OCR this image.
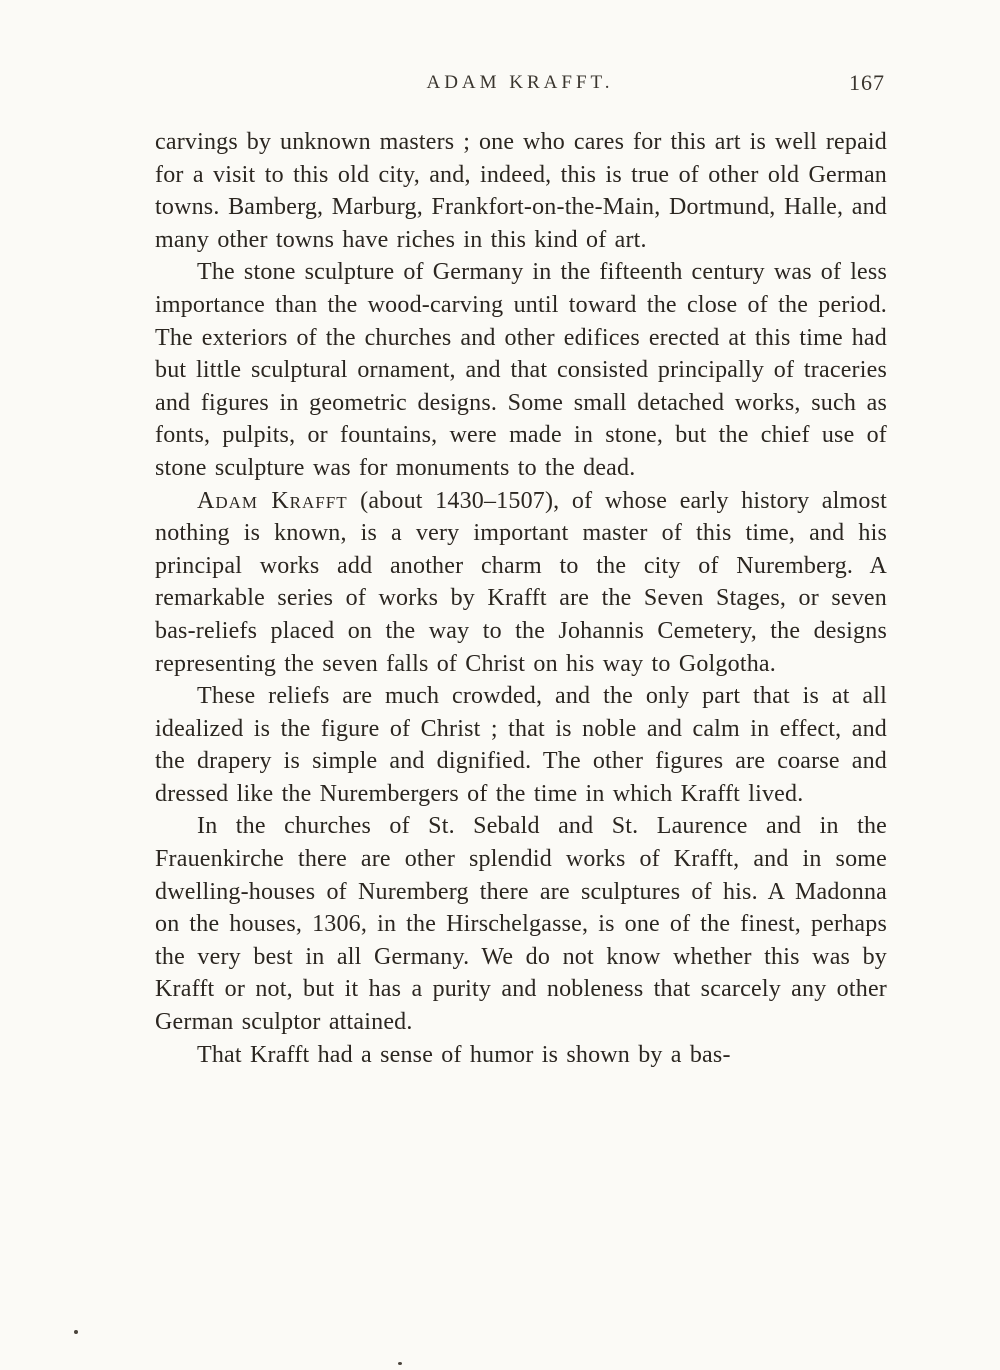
ADAM KRAFFT.	167

carvings by unknown masters ; one who cares for this art is well repaid for a visit to this old city, and, indeed, this is true of other old German towns. Bamberg, Marburg, Frankfort-on-the-Main, Dortmund, Halle, and many other towns have riches in this kind of art.

The stone sculpture of Germany in the fifteenth century was of less importance than the wood-carving until toward the close of the period. The exteriors of the churches and other edifices erected at this time had but little sculptural ornament, and that consisted principally of traceries and figures in geometric designs. Some small detached works, such as fonts, pulpits, or fountains, were made in stone, but the chief use of stone sculpture was for monuments to the dead.

Adam Krafft (about 1430–1507), of whose early history almost nothing is known, is a very important master of this time, and his principal works add another charm to the city of Nuremberg. A remarkable series of works by Krafft are the Seven Stages, or seven bas-reliefs placed on the way to the Johannis Cemetery, the designs representing the seven falls of Christ on his way to Golgotha.

These reliefs are much crowded, and the only part that is at all idealized is the figure of Christ ; that is noble and calm in effect, and the drapery is simple and dignified. The other figures are coarse and dressed like the Nurembergers of the time in which Krafft lived.

In the churches of St. Sebald and St. Laurence and in the Frauenkirche there are other splendid works of Krafft, and in some dwelling-houses of Nuremberg there are sculptures of his. A Madonna on the houses, 1306, in the Hirschelgasse, is one of the finest, perhaps the very best in all Germany. We do not know whether this was by Krafft or not, but it has a purity and nobleness that scarcely any other German sculptor attained.

That Krafft had a sense of humor is shown by a bas-
